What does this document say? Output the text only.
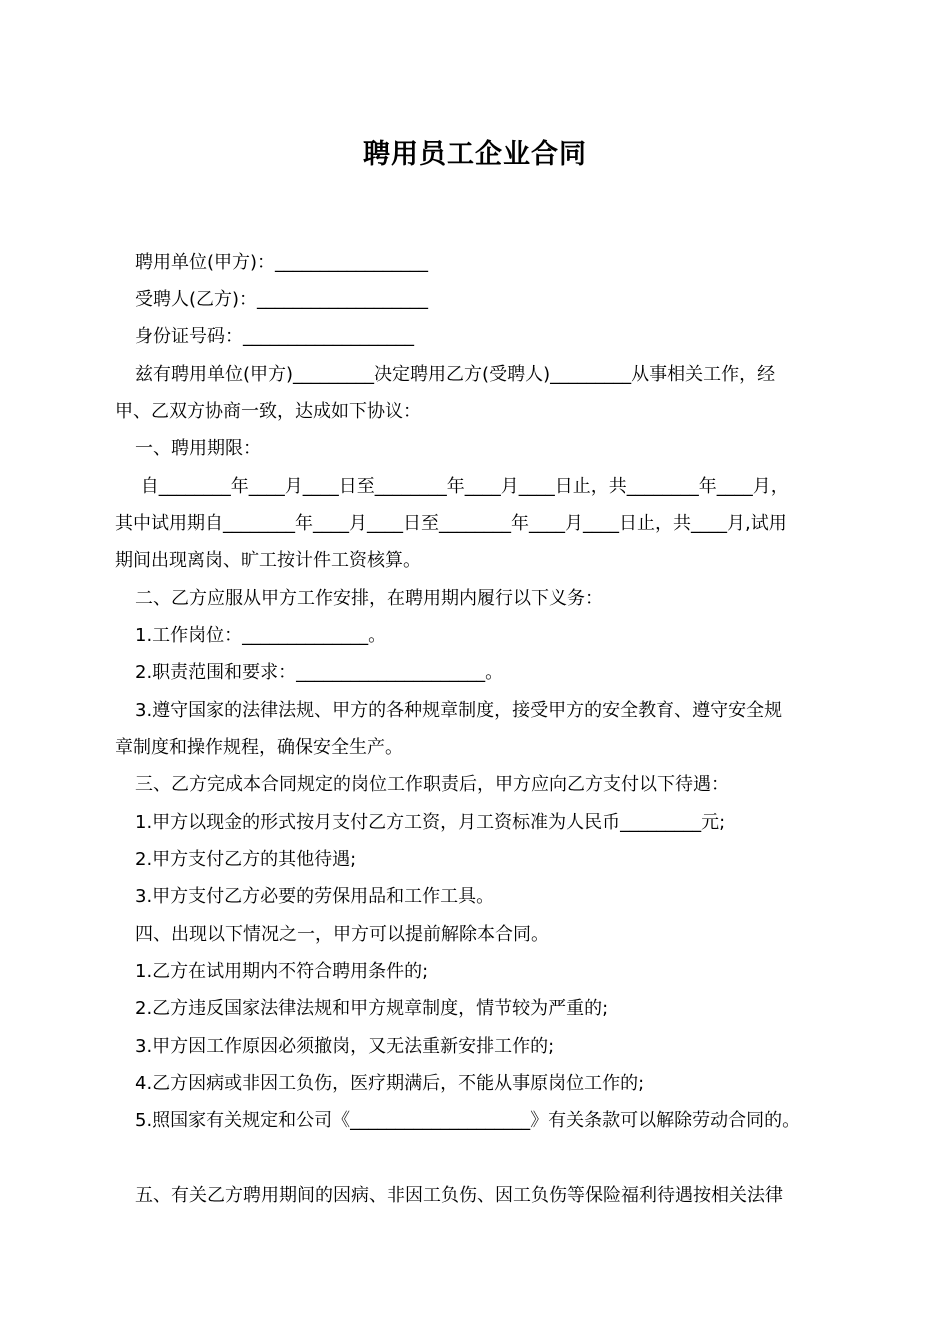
聘用员工企业合同
聘用单位(甲方)：_________________
受聘人(乙方)：___________________
身份证号码：___________________
兹有聘用单位(甲方)_________决定聘用乙方(受聘人)_________从事相关工作，经
甲、乙双方协商一致，达成如下协议：
一、聘用期限：
自________年____月____日至________年____月____日止，共________年____月，
其中试用期自________年____月____日至________年____月____日止，共____月,试用
期间出现离岗、旷工按计件工资核算。
二、乙方应服从甲方工作安排，在聘用期内履行以下义务：
1.工作岗位：______________。
2.职责范围和要求：_____________________。
3.遵守国家的法律法规、甲方的各种规章制度，接受甲方的安全教育、遵守安全规
章制度和操作规程，确保安全生产。
三、乙方完成本合同规定的岗位工作职责后，甲方应向乙方支付以下待遇：
1.甲方以现金的形式按月支付乙方工资，月工资标准为人民币_________元;
2.甲方支付乙方的其他待遇;
3.甲方支付乙方必要的劳保用品和工作工具。
四、出现以下情况之一，甲方可以提前解除本合同。
1.乙方在试用期内不符合聘用条件的;
2.乙方违反国家法律法规和甲方规章制度，情节较为严重的;
3.甲方因工作原因必须撤岗，又无法重新安排工作的;
4.乙方因病或非因工负伤，医疗期满后，不能从事原岗位工作的;
5.照国家有关规定和公司《____________________》有关条款可以解除劳动合同的。
五、有关乙方聘用期间的因病、非因工负伤、因工负伤等保险福利待遇按相关法律
